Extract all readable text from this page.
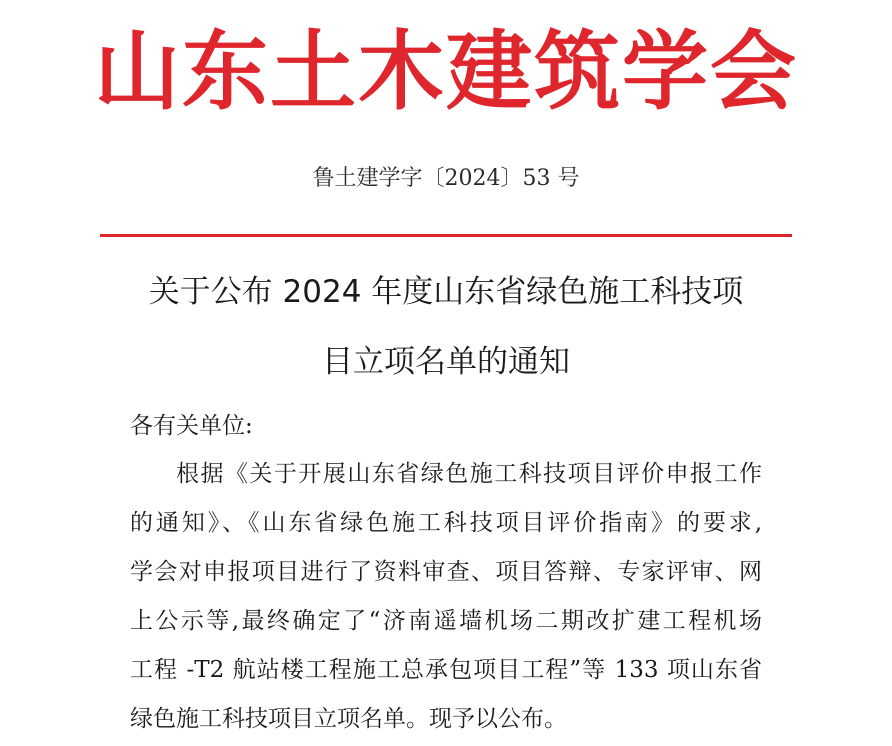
山东土木建筑学会
鲁土建学字〔2024〕53 号
关于公布 2024 年度山东省绿色施工科技项
目立项名单的通知
各有关单位:
根据《关于开展山东省绿色施工科技项目评价申报工作
的通知》、《山东省绿色施工科技项目评价指南》的要求,
学会对申报项目进行了资料审查、项目答辩、专家评审、网
上公示等,最终确定了“济南遥墙机场二期改扩建工程机场
工程 -T2 航站楼工程施工总承包项目工程”等 133 项山东省
绿色施工科技项目立项名单。现予以公布。
